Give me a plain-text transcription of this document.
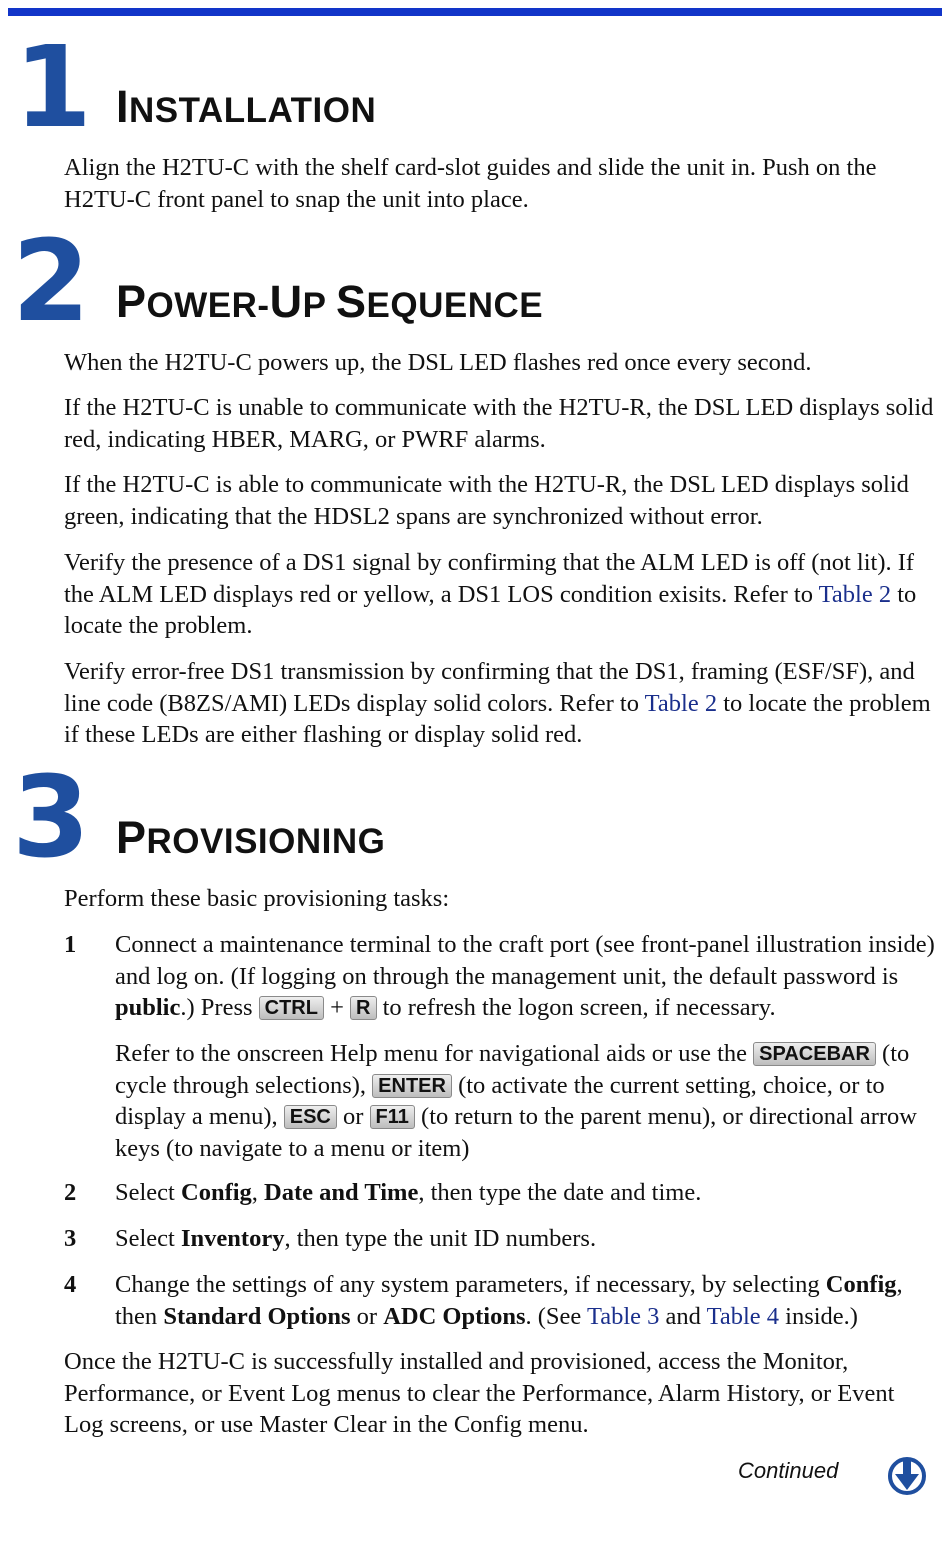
1 INSTALLATION

Align the H2TU-C with the shelf card-slot guides and slide the unit in. Push on the H2TU-C front panel to snap the unit into place.

2 POWER-UP SEQUENCE

When the H2TU-C powers up, the DSL LED flashes red once every second.

If the H2TU-C is unable to communicate with the H2TU-R, the DSL LED displays solid red, indicating HBER, MARG, or PWRF alarms.

If the H2TU-C is able to communicate with the H2TU-R, the DSL LED displays solid green, indicating that the HDSL2 spans are synchronized without error.

Verify the presence of a DS1 signal by confirming that the ALM LED is off (not lit). If the ALM LED displays red or yellow, a DS1 LOS condition exisits. Refer to Table 2 to locate the problem.

Verify error-free DS1 transmission by confirming that the DS1, framing (ESF/SF), and line code (B8ZS/AMI) LEDs display solid colors. Refer to Table 2 to locate the problem if these LEDs are either flashing or display solid red.

3 PROVISIONING

Perform these basic provisioning tasks:

1 Connect a maintenance terminal to the craft port (see front-panel illustration inside) and log on. (If logging on through the management unit, the default password is public.) Press CTRL + R to refresh the logon screen, if necessary.

Refer to the onscreen Help menu for navigational aids or use the SPACEBAR (to cycle through selections), ENTER (to activate the current setting, choice, or to display a menu), ESC or F11 (to return to the parent menu), or directional arrow keys (to navigate to a menu or item)

2 Select Config, Date and Time, then type the date and time.

3 Select Inventory, then type the unit ID numbers.

4 Change the settings of any system parameters, if necessary, by selecting Config, then Standard Options or ADC Options. (See Table 3 and Table 4 inside.)

Once the H2TU-C is successfully installed and provisioned, access the Monitor, Performance, or Event Log menus to clear the Performance, Alarm History, or Event Log screens, or use Master Clear in the Config menu.

Continued
